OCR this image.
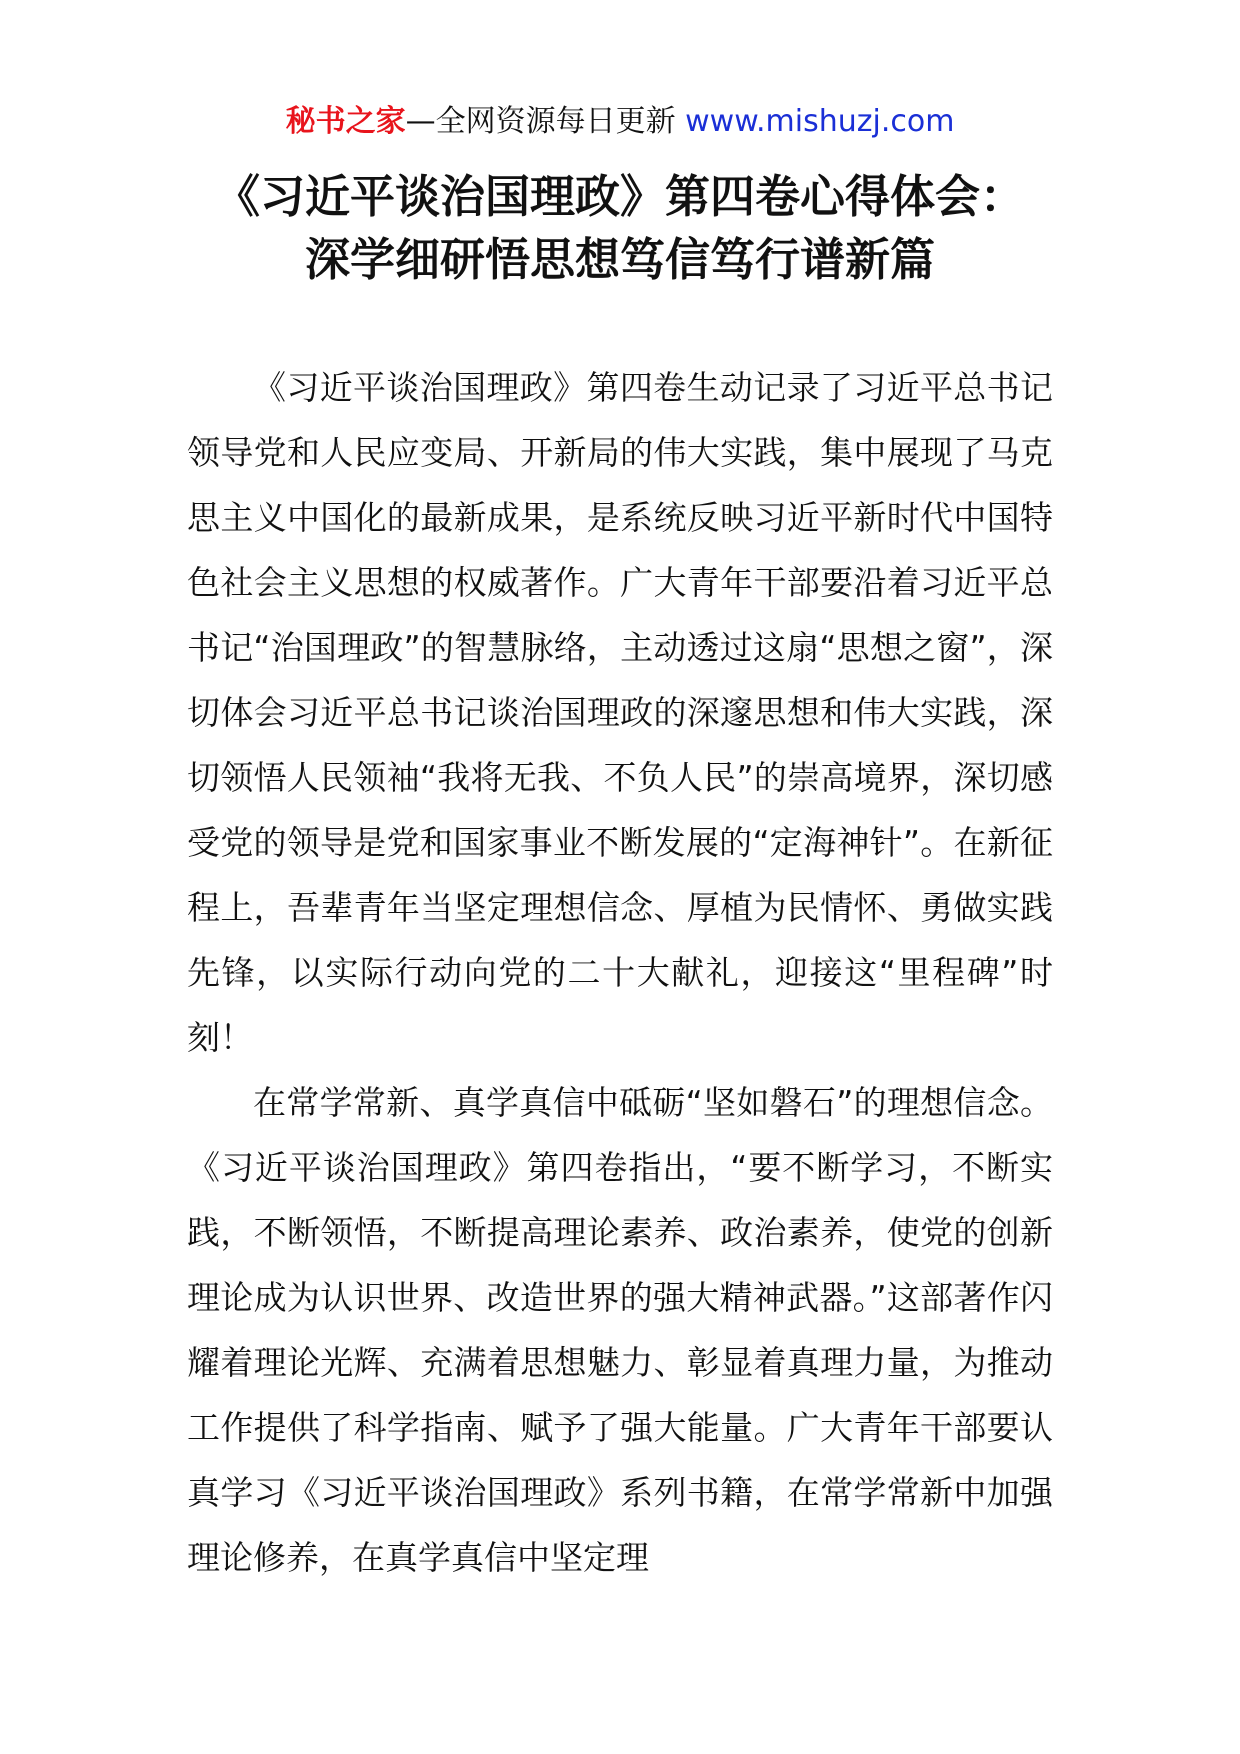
秘书之家—全网资源每日更新 www.mishuzj.com
《习近平谈治国理政》第四卷心得体会：
深学细研悟思想笃信笃行谱新篇

《习近平谈治国理政》第四卷生动记录了习近平总书记领导党和人民应变局、开新局的伟大实践，集中展现了马克思主义中国化的最新成果，是系统反映习近平新时代中国特色社会主义思想的权威著作。广大青年干部要沿着习近平总书记“治国理政”的智慧脉络，主动透过这扇“思想之窗”，深切体会习近平总书记谈治国理政的深邃思想和伟大实践，深切领悟人民领袖“我将无我、不负人民”的崇高境界，深切感受党的领导是党和国家事业不断发展的“定海神针”。在新征程上，吾辈青年当坚定理想信念、厚植为民情怀、勇做实践先锋，以实际行动向党的二十大献礼，迎接这“里程碑”时刻！

在常学常新、真学真信中砥砺“坚如磐石”的理想信念。《习近平谈治国理政》第四卷指出，“要不断学习，不断实践，不断领悟，不断提高理论素养、政治素养，使党的创新理论成为认识世界、改造世界的强大精神武器。”这部著作闪耀着理论光辉、充满着思想魅力、彰显着真理力量，为推动工作提供了科学指南、赋予了强大能量。广大青年干部要认真学习《习近平谈治国理政》系列书籍，在常学常新中加强理论修养，在真学真信中坚定理
